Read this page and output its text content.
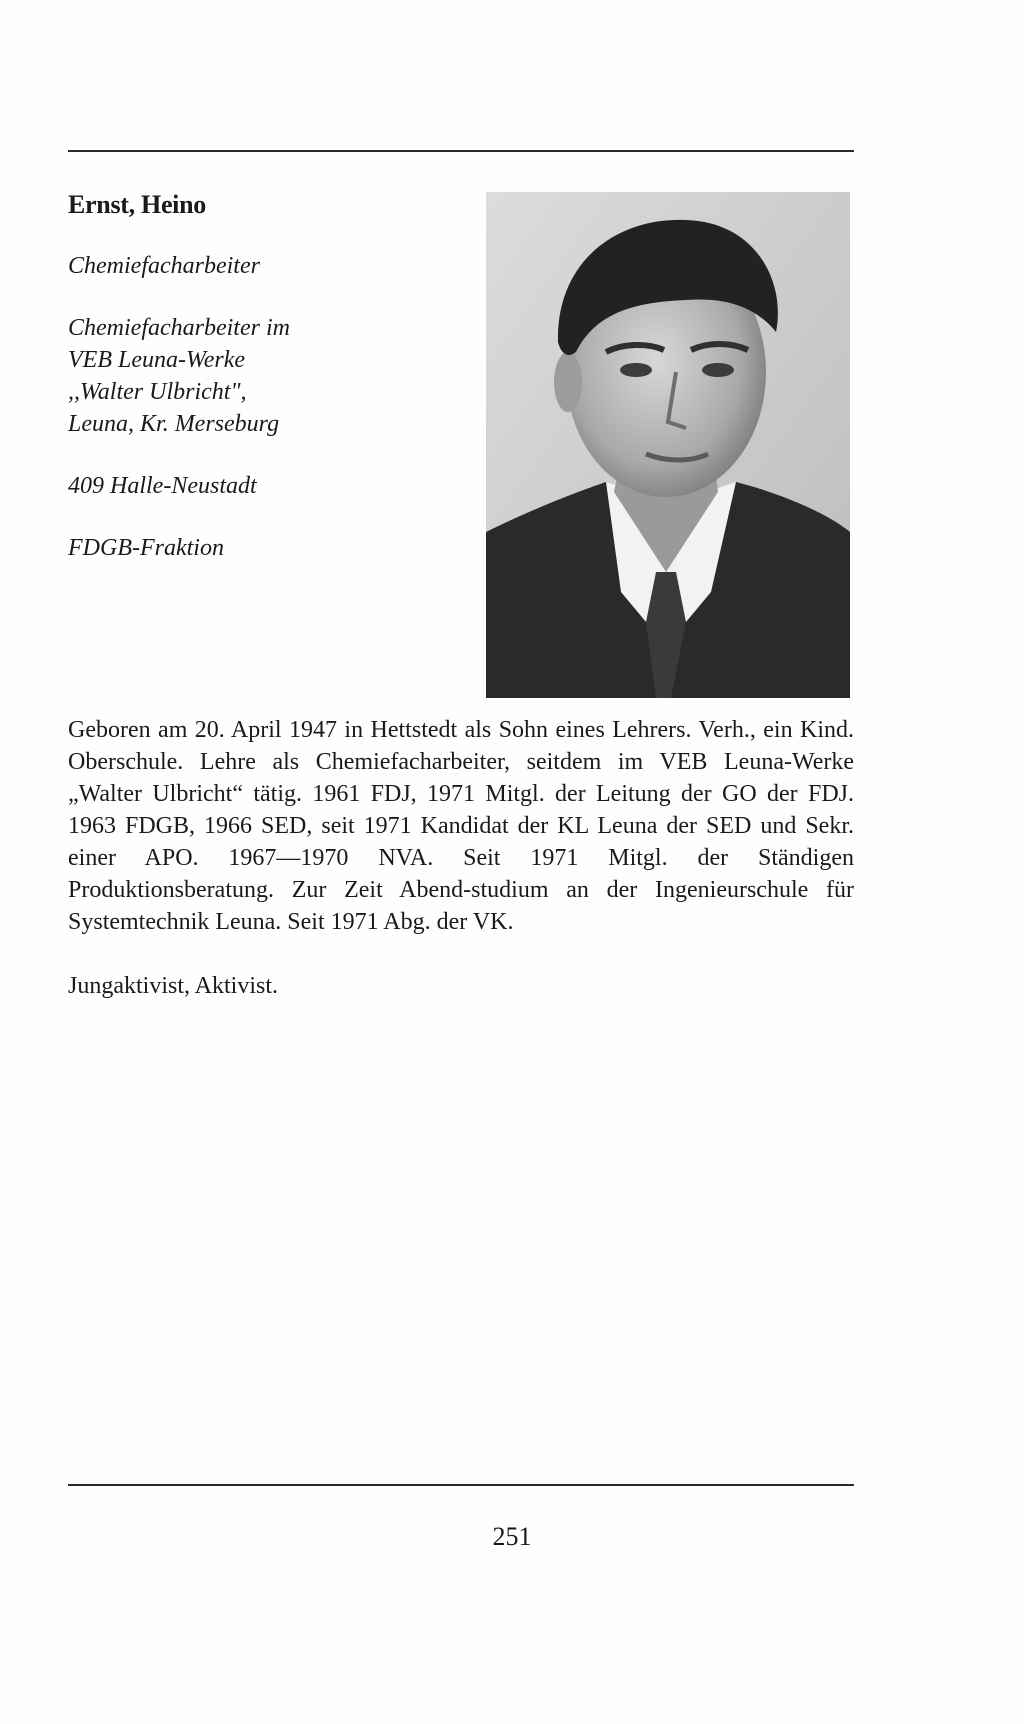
Ernst, Heino

Chemiefacharbeiter

Chemiefacharbeiter im

VEB Leuna-Werke

,,Walter Ulbricht",

Leuna, Kr. Merseburg

409 Halle-Neustadt

FDGB-Fraktion

Geboren am 20. April 1947 in Hettstedt als Sohn eines Lehrers. Verh., ein Kind. Oberschule. Lehre als Chemiefacharbeiter, seitdem im VEB Leuna-Werke „Walter Ulbricht“ tätig. 1961 FDJ, 1971 Mitgl. der Leitung der GO der FDJ. 1963 FDGB, 1966 SED, seit 1971 Kandidat der KL Leuna der SED und Sekr. einer APO. 1967—1970 NVA. Seit 1971 Mitgl. der Ständigen Produktionsberatung. Zur Zeit Abend-studium an der Ingenieurschule für Systemtechnik Leuna. Seit 1971 Abg. der VK.

Jungaktivist, Aktivist.

251
